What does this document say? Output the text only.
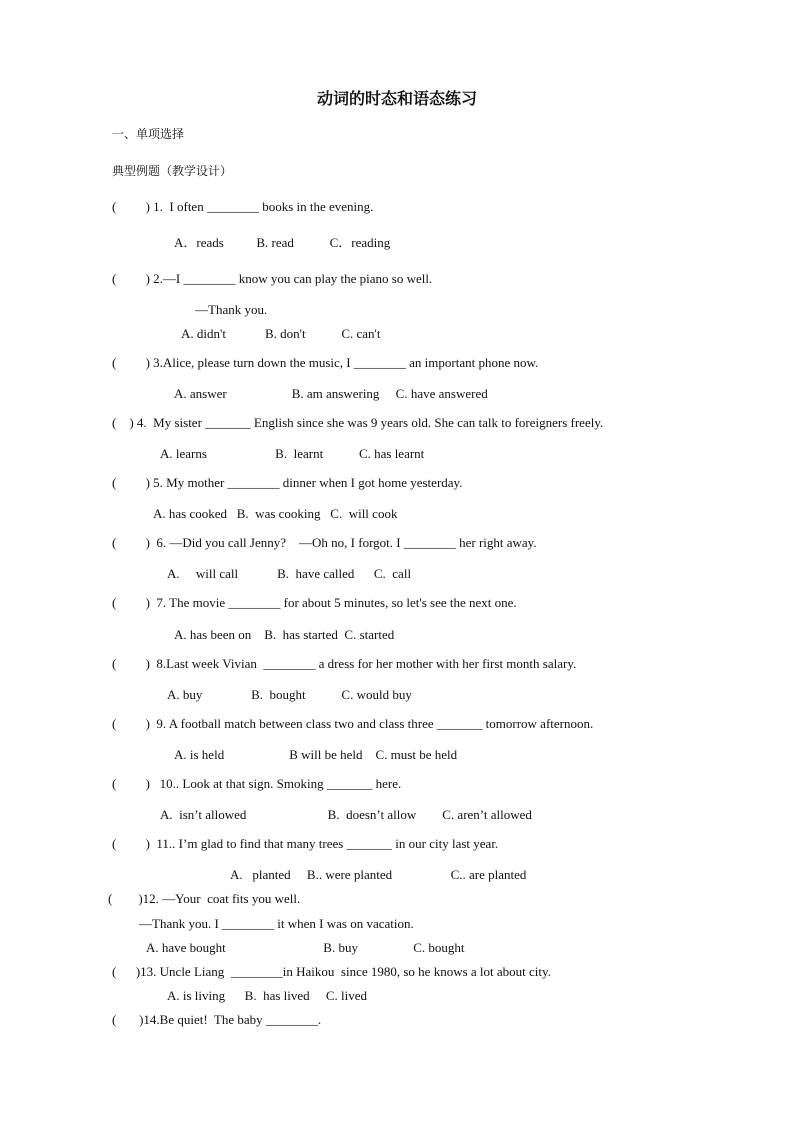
动词的时态和语态练习
一、单项选择
典型例题（教学设计）
(         ) 1.  I often ________ books in the evening.
A．reads          B. read           C．reading
(         ) 2.—I ________ know you can play the piano so well.
—Thank you.
A. didn't            B. don't           C. can't
(         ) 3.Alice, please turn down the music, I ________ an important phone now.
A. answer                    B. am answering     C. have answered
(    ) 4.  My sister _______ English since she was 9 years old. She can talk to foreigners freely.
A. learns                     B.  learnt           C. has learnt
(         ) 5. My mother ________ dinner when I got home yesterday.
A. has cooked   B.  was cooking   C.  will cook
(         )  6. —Did you call Jenny?    —Oh no, I forgot. I ________ her right away.
A.     will call            B.  have called      C.  call
(         )  7. The movie ________ for about 5 minutes, so let's see the next one.
A. has been on    B.  has started  C. started
(         )  8.Last week Vivian  ________ a dress for her mother with her first month salary.
A. buy               B.  bought           C. would buy
(         )  9. A football match between class two and class three _______ tomorrow afternoon.
A. is held                    B will be held    C. must be held
(         )   10.. Look at that sign. Smoking _______ here.
A.  isn’t allowed                         B.  doesn’t allow        C. aren’t allowed
(         )  11.. I’m glad to find that many trees _______ in our city last year.
A.   planted     B.. were planted                  C.. are planted
(        )12. —Your  coat fits you well.
—Thank you. I ________ it when I was on vacation.
A. have bought                              B. buy                 C. bought
(      )13. Uncle Liang  ________in Haikou  since 1980, so he knows a lot about city.
A. is living      B.  has lived     C. lived
(       )14.Be quiet!  The baby ________.
